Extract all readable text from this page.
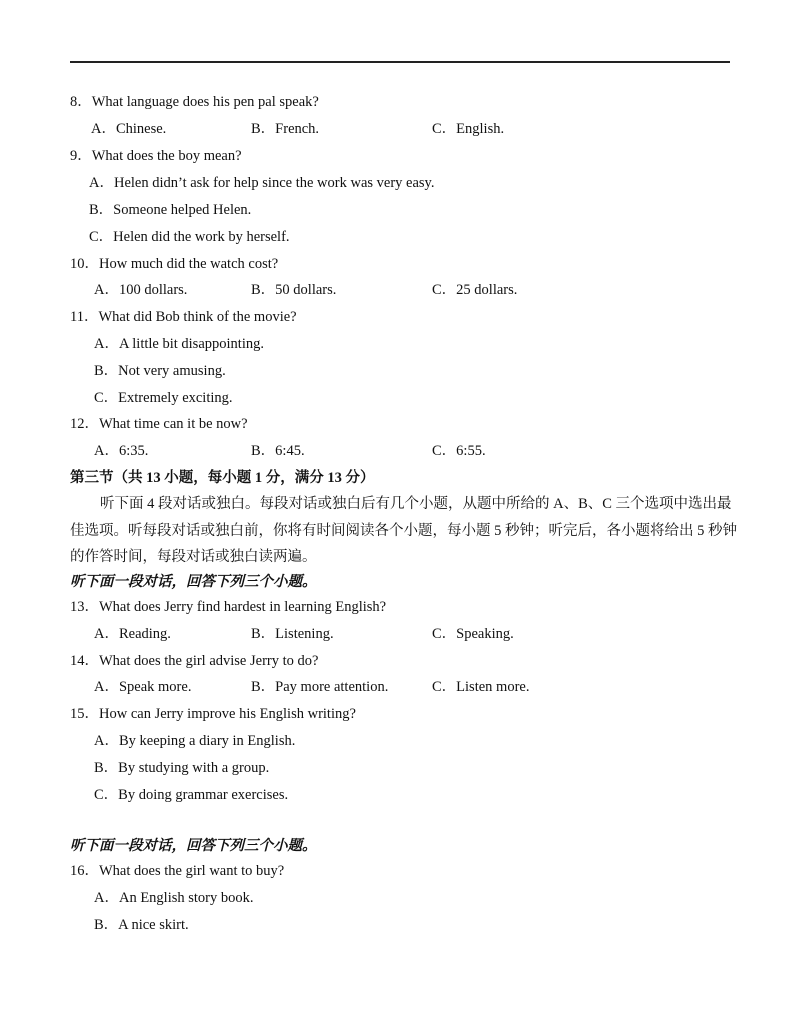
8．What language does his pen pal speak?
A．Chinese.	B．French.	C．English.
9．What does the boy mean?
A．Helen didn’t ask for help since the work was very easy.
B．Someone helped Helen.
C．Helen did the work by herself.
10．How much did the watch cost?
A．100 dollars.	B．50 dollars.	C．25 dollars.
11．What did Bob think of the movie?
A．A little bit disappointing.
B．Not very amusing.
C．Extremely exciting.
12．What time can it be now?
A．6:35.	B．6:45.	C．6:55.
第三节（共 13 小题，每小题 1 分，满分 13 分）
听下面 4 段对话或独白。每段对话或独白后有几个小题，从题中所给的 A、B、C 三个选项中选出最
佳选项。听每段对话或独白前，你将有时间阅读各个小题，每小题 5 秒钟；听完后，各小题将给出 5 秒钟
的作答时间，每段对话或独白读两遍。
听下面一段对话，回答下列三个小题。
13．What does Jerry find hardest in learning English?
A．Reading.	B．Listening.	C．Speaking.
14．What does the girl advise Jerry to do?
A．Speak more.	B．Pay more attention.	C．Listen more.
15．How can Jerry improve his English writing?
A．By keeping a diary in English.
B．By studying with a group.
C．By doing grammar exercises.
听下面一段对话，回答下列三个小题。
16．What does the girl want to buy?
A．An English story book.
B．A nice skirt.
